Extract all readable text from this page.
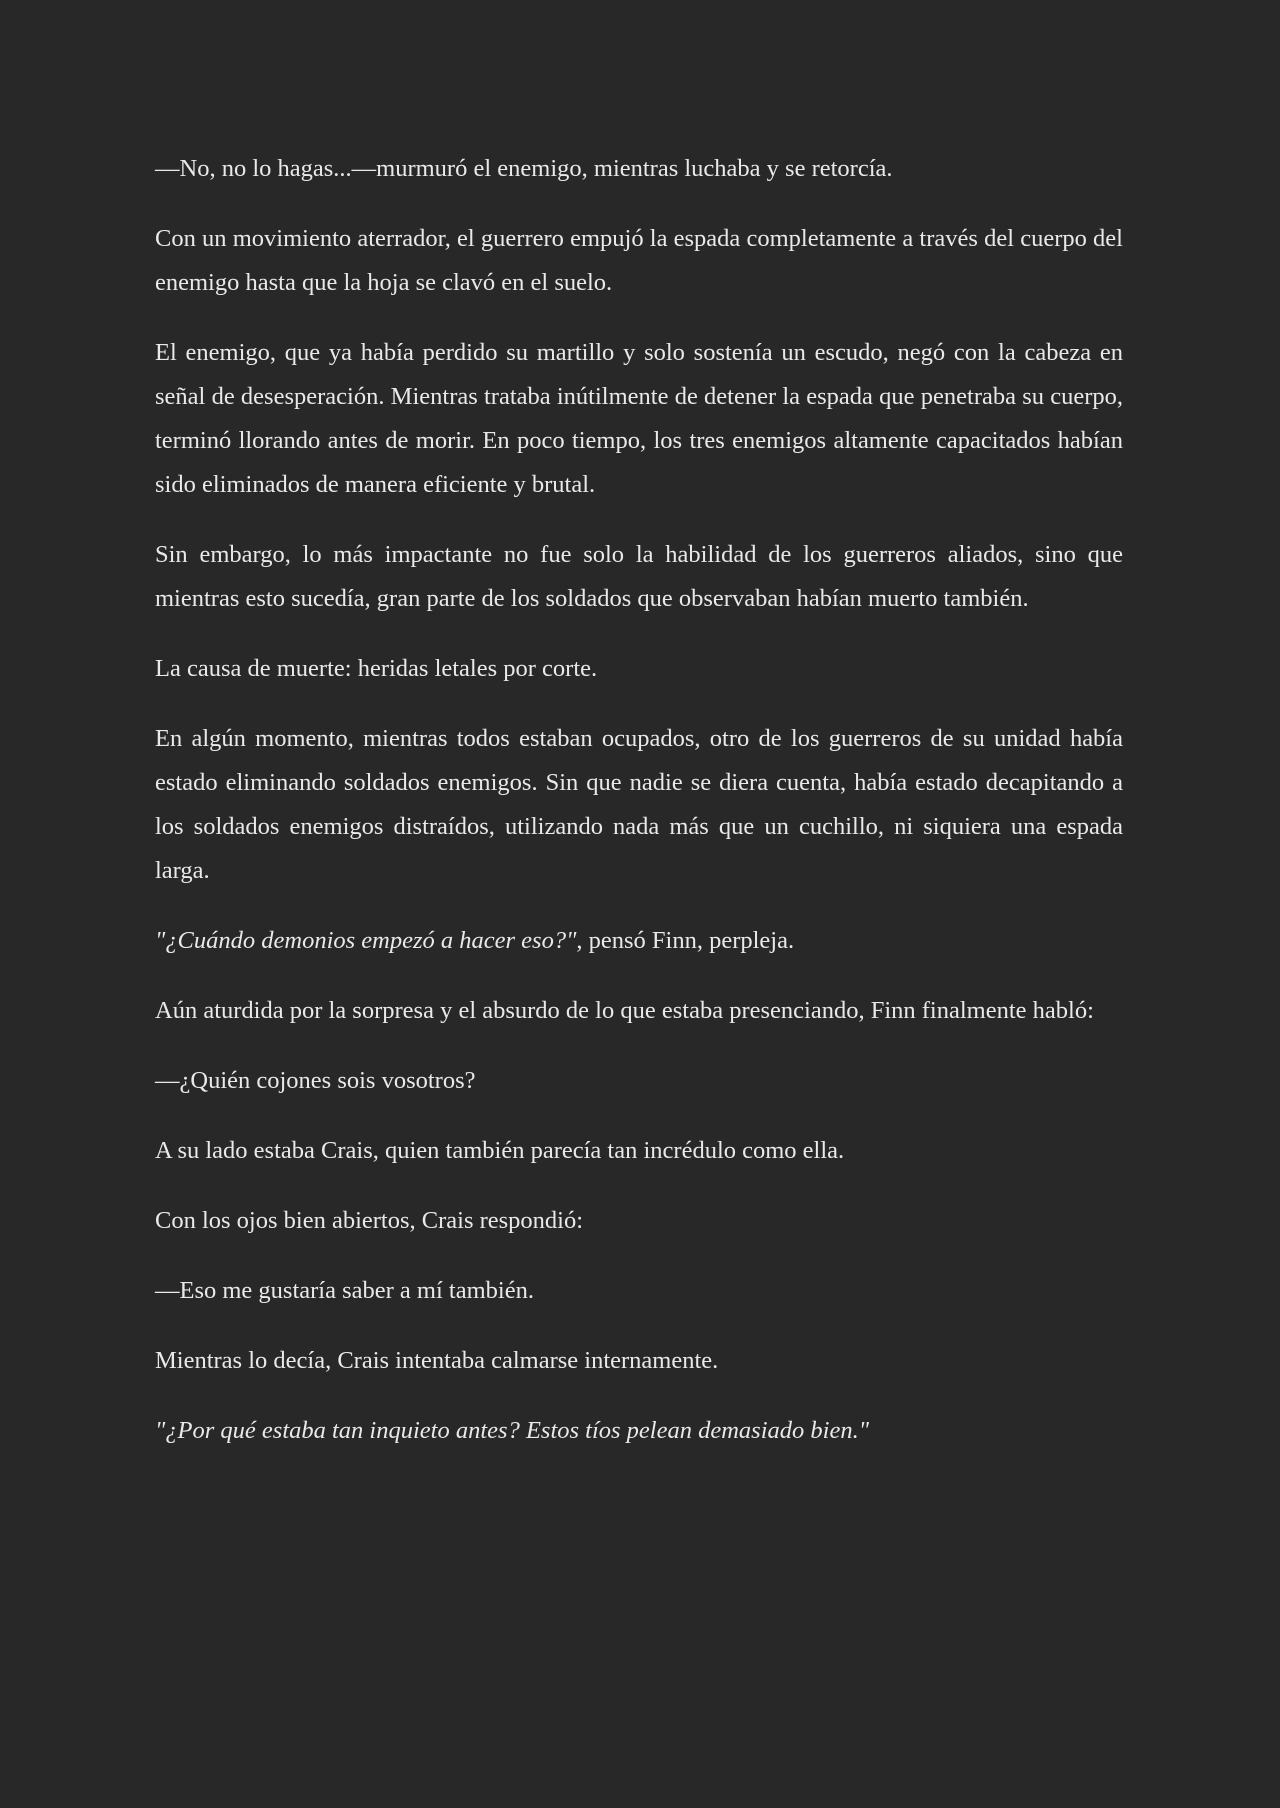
—No, no lo hagas...—murmuró el enemigo, mientras luchaba y se retorcía.

Con un movimiento aterrador, el guerrero empujó la espada completamente a través del cuerpo del enemigo hasta que la hoja se clavó en el suelo.

El enemigo, que ya había perdido su martillo y solo sostenía un escudo, negó con la cabeza en señal de desesperación. Mientras trataba inútilmente de detener la espada que penetraba su cuerpo, terminó llorando antes de morir. En poco tiempo, los tres enemigos altamente capacitados habían sido eliminados de manera eficiente y brutal.

Sin embargo, lo más impactante no fue solo la habilidad de los guerreros aliados, sino que mientras esto sucedía, gran parte de los soldados que observaban habían muerto también.

La causa de muerte: heridas letales por corte.

En algún momento, mientras todos estaban ocupados, otro de los guerreros de su unidad había estado eliminando soldados enemigos. Sin que nadie se diera cuenta, había estado decapitando a los soldados enemigos distraídos, utilizando nada más que un cuchillo, ni siquiera una espada larga.

"¿Cuándo demonios empezó a hacer eso?", pensó Finn, perpleja.

Aún aturdida por la sorpresa y el absurdo de lo que estaba presenciando, Finn finalmente habló:

—¿Quién cojones sois vosotros?

A su lado estaba Crais, quien también parecía tan incrédulo como ella.

Con los ojos bien abiertos, Crais respondió:

—Eso me gustaría saber a mí también.

Mientras lo decía, Crais intentaba calmarse internamente.

"¿Por qué estaba tan inquieto antes? Estos tíos pelean demasiado bien."
